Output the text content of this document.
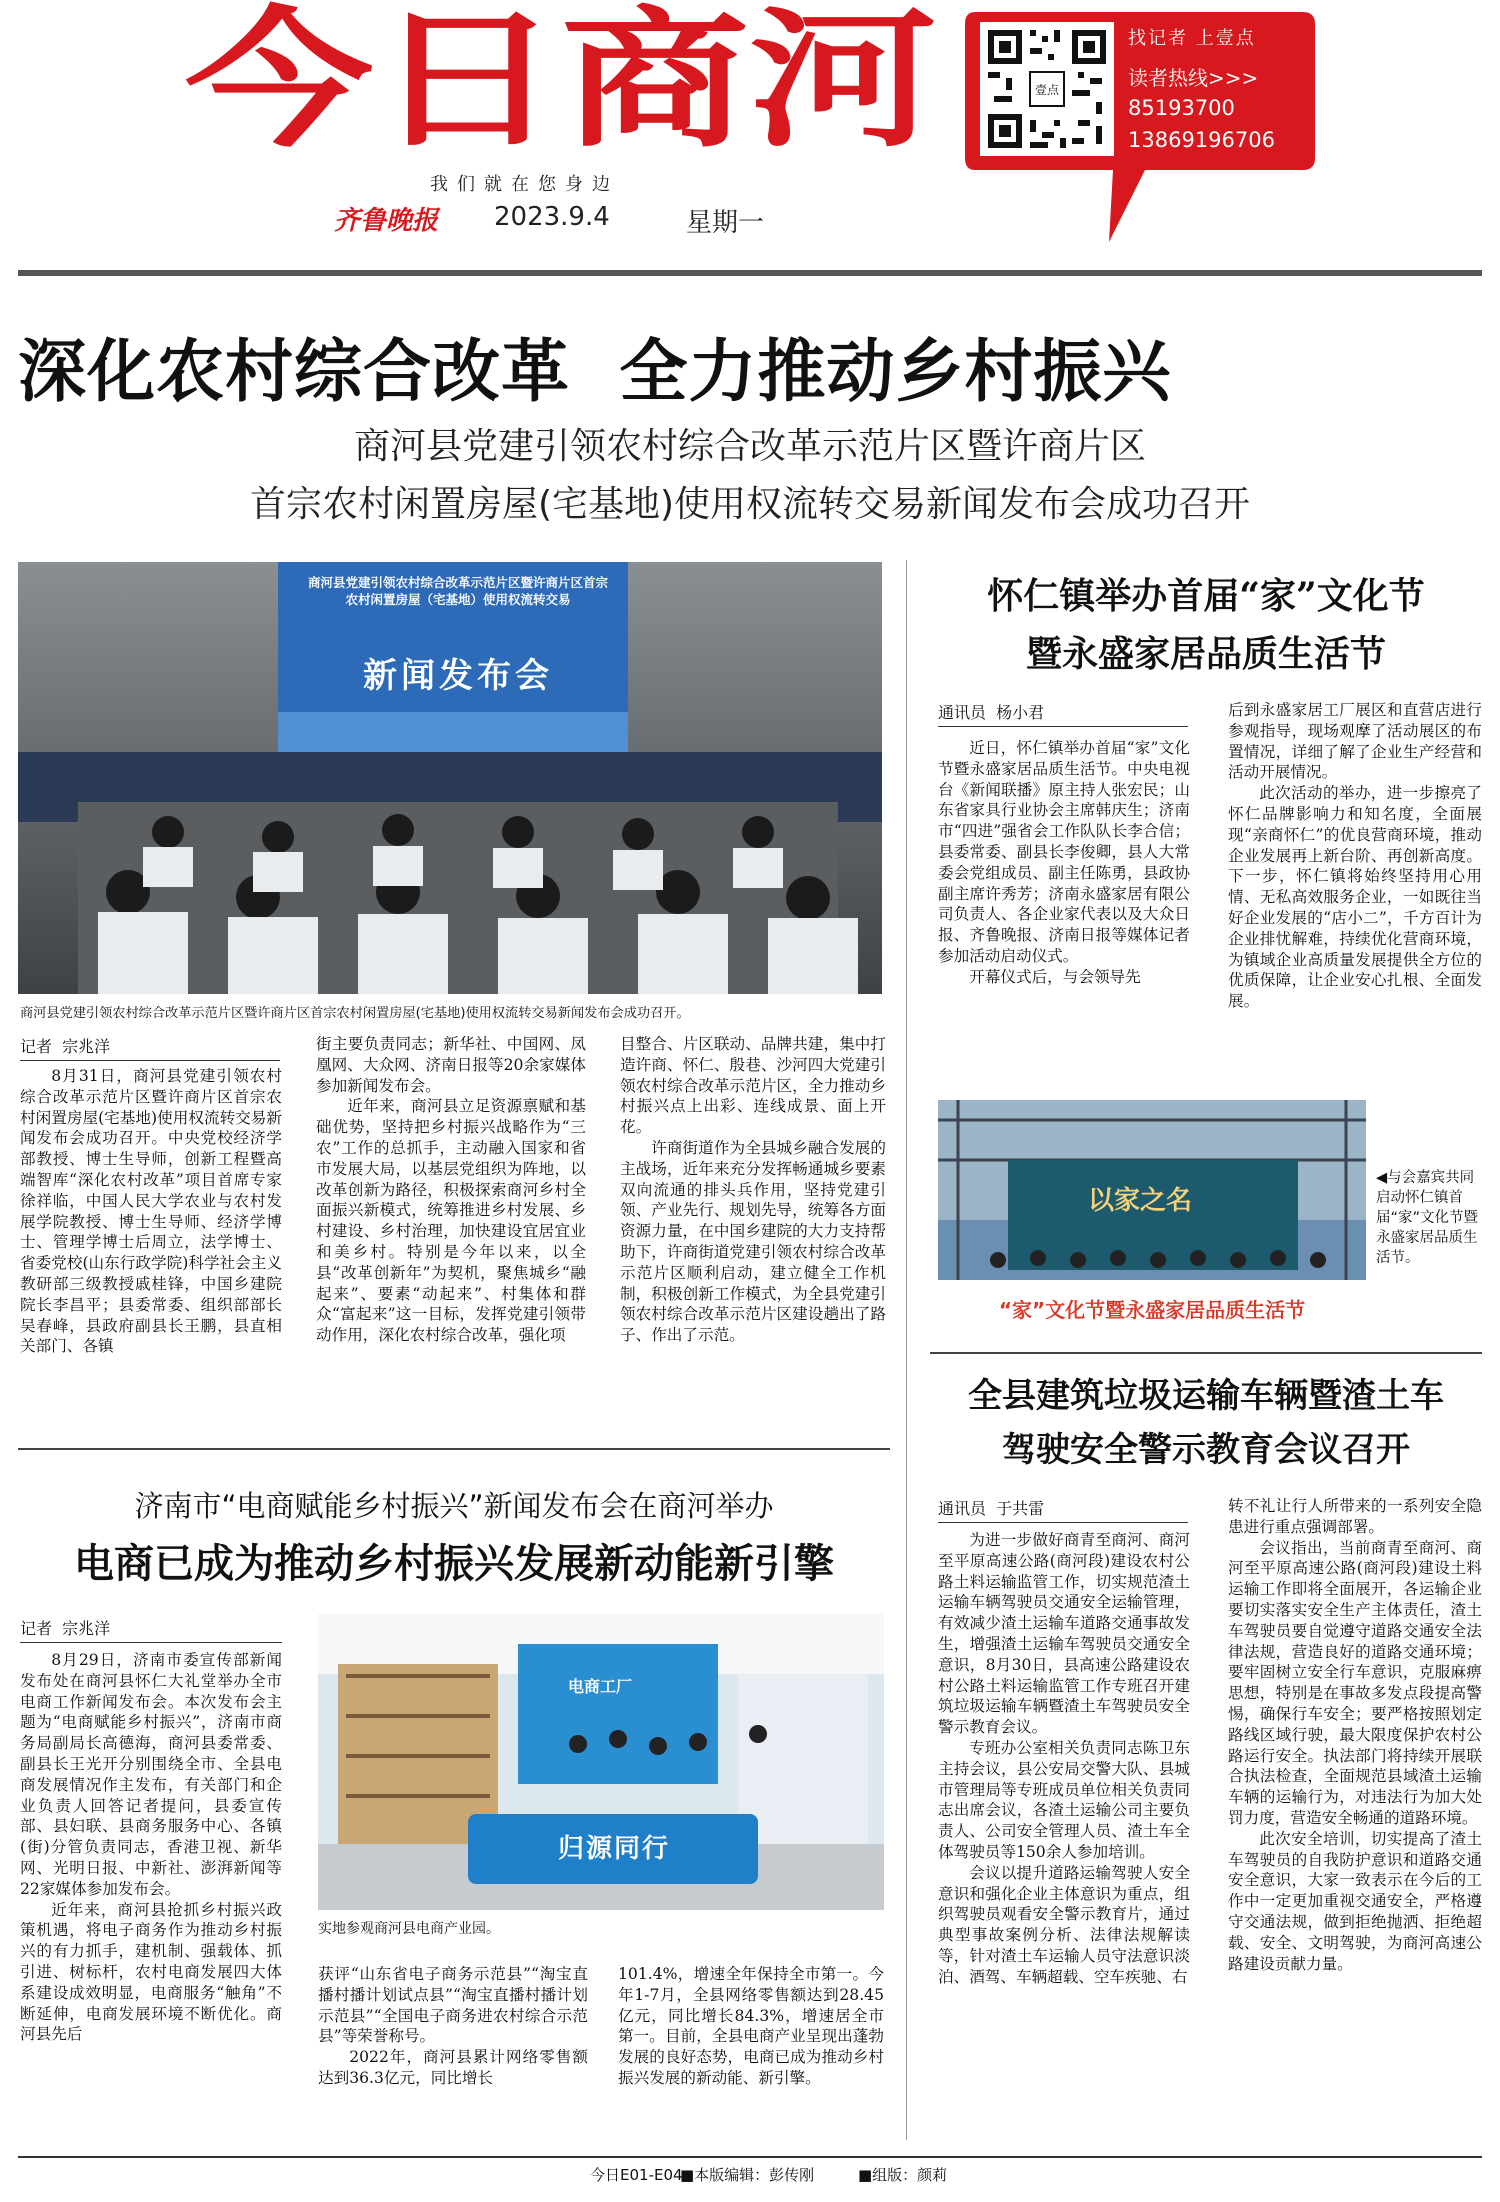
今日商河
我们就在您身边
齐鲁晚报 2023.9.4	星期一
壹点
找记者 上壹点
读者热线>>>
85193700
13869196706
深化农村综合改革  全力推动乡村振兴
商河县党建引领农村综合改革示范片区暨许商片区
首宗农村闲置房屋(宅基地)使用权流转交易新闻发布会成功召开
商河县党建引领农村综合改革示范片区暨许商片区首宗农村闲置房屋（宅基地）使用权流转交易
新闻发布会
商河县党建引领农村综合改革示范片区暨许商片区首宗农村闲置房屋(宅基地)使用权流转交易新闻发布会成功召开。
记者  宗兆洋

8月31日，商河县党建引领农村综合改革示范片区暨许商片区首宗农村闲置房屋(宅基地)使用权流转交易新闻发布会成功召开。中央党校经济学部教授、博士生导师，创新工程暨高端智库“深化农村改革”项目首席专家徐祥临，中国人民大学农业与农村发展学院教授、博士生导师、经济学博士、管理学博士后周立，法学博士、省委党校(山东行政学院)科学社会主义教研部三级教授戚桂锋，中国乡建院院长李昌平；县委常委、组织部部长吴春峰，县政府副县长王鹏，县直相关部门、各镇

街主要负责同志；新华社、中国网、凤凰网、大众网、济南日报等20余家媒体参加新闻发布会。

近年来，商河县立足资源禀赋和基础优势，坚持把乡村振兴战略作为“三农”工作的总抓手，主动融入国家和省市发展大局，以基层党组织为阵地，以改革创新为路径，积极探索商河乡村全面振兴新模式，统筹推进乡村发展、乡村建设、乡村治理，加快建设宜居宜业和美乡村。特别是今年以来，以全县“改革创新年”为契机，聚焦城乡“融起来”、要素“动起来”、村集体和群众“富起来”这一目标，发挥党建引领带动作用，深化农村综合改革，强化项

目整合、片区联动、品牌共建，集中打造许商、怀仁、殷巷、沙河四大党建引领农村综合改革示范片区，全力推动乡村振兴点上出彩、连线成景、面上开花。

许商街道作为全县城乡融合发展的主战场，近年来充分发挥畅通城乡要素双向流通的排头兵作用，坚持党建引领、产业先行、规划先导，统筹各方面资源力量，在中国乡建院的大力支持帮助下，许商街道党建引领农村综合改革示范片区顺利启动，建立健全工作机制，积极创新工作模式，为全县党建引领农村综合改革示范片区建设趟出了路子、作出了示范。

怀仁镇举办首届“家”文化节
暨永盛家居品质生活节
通讯员  杨小君

近日，怀仁镇举办首届“家”文化节暨永盛家居品质生活节。中央电视台《新闻联播》原主持人张宏民；山东省家具行业协会主席韩庆生；济南市“四进”强省会工作队队长李合信；县委常委、副县长李俊卿，县人大常委会党组成员、副主任陈勇，县政协副主席许秀芳；济南永盛家居有限公司负责人、各企业家代表以及大众日报、齐鲁晚报、济南日报等媒体记者参加活动启动仪式。

开幕仪式后，与会领导先

后到永盛家居工厂展区和直营店进行参观指导，现场观摩了活动展区的布置情况，详细了解了企业生产经营和活动开展情况。

此次活动的举办，进一步擦亮了怀仁品牌影响力和知名度，全面展现“亲商怀仁”的优良营商环境，推动企业发展再上新台阶、再创新高度。下一步，怀仁镇将始终坚持用心用情、无私高效服务企业，一如既往当好企业发展的“店小二”，千方百计为企业排忧解难，持续优化营商环境，为镇域企业高质量发展提供全方位的优质保障，让企业安心扎根、全面发展。

以家之名
“家”文化节暨永盛家居品质生活节
◀与会嘉宾共同启动怀仁镇首届“家”文化节暨永盛家居品质生活节。
全县建筑垃圾运输车辆暨渣土车
驾驶安全警示教育会议召开
通讯员  于共雷

为进一步做好商青至商河、商河至平原高速公路(商河段)建设农村公路土料运输监管工作，切实规范渣土运输车辆驾驶员交通安全运输管理，有效减少渣土运输车道路交通事故发生，增强渣土运输车驾驶员交通安全意识，8月30日，县高速公路建设农村公路土料运输监管工作专班召开建筑垃圾运输车辆暨渣土车驾驶员安全警示教育会议。

专班办公室相关负责同志陈卫东主持会议，县公安局交警大队、县城市管理局等专班成员单位相关负责同志出席会议，各渣土运输公司主要负责人、公司安全管理人员、渣土车全体驾驶员等150余人参加培训。

会议以提升道路运输驾驶人安全意识和强化企业主体意识为重点，组织驾驶员观看安全警示教育片，通过典型事故案例分析、法律法规解读等，针对渣土车运输人员守法意识淡泊、酒驾、车辆超载、空车疾驰、右

转不礼让行人所带来的一系列安全隐患进行重点强调部署。

会议指出，当前商青至商河、商河至平原高速公路(商河段)建设土料运输工作即将全面展开，各运输企业要切实落实安全生产主体责任，渣土车驾驶员要自觉遵守道路交通安全法律法规，营造良好的道路交通环境；要牢固树立安全行车意识，克服麻痹思想，特别是在事故多发点段提高警惕，确保行车安全；要严格按照划定路线区域行驶，最大限度保护农村公路运行安全。执法部门将持续开展联合执法检查，全面规范县域渣土运输车辆的运输行为，对违法行为加大处罚力度，营造安全畅通的道路环境。

此次安全培训，切实提高了渣土车驾驶员的自我防护意识和道路交通安全意识，大家一致表示在今后的工作中一定更加重视交通安全，严格遵守交通法规，做到拒绝抛洒、拒绝超载、安全、文明驾驶，为商河高速公路建设贡献力量。

济南市“电商赋能乡村振兴”新闻发布会在商河举办
电商已成为推动乡村振兴发展新动能新引擎
记者  宗兆洋

8月29日，济南市委宣传部新闻发布处在商河县怀仁大礼堂举办全市电商工作新闻发布会。本次发布会主题为“电商赋能乡村振兴”，济南市商务局副局长高德海，商河县委常委、副县长王光开分别围绕全市、全县电商发展情况作主发布，有关部门和企业负责人回答记者提问，县委宣传部、县妇联、县商务服务中心、各镇(街)分管负责同志，香港卫视、新华网、光明日报、中新社、澎湃新闻等22家媒体参加发布会。

近年来，商河县抢抓乡村振兴政策机遇，将电子商务作为推动乡村振兴的有力抓手，建机制、强载体、抓引进、树标杆，农村电商发展四大体系建设成效明显，电商服务“触角”不断延伸，电商发展环境不断优化。商河县先后

电商工厂
归源同行
实地参观商河县电商产业园。

获评“山东省电子商务示范县”“淘宝直播村播计划试点县”“淘宝直播村播计划示范县”“全国电子商务进农村综合示范县”等荣誉称号。

2022年，商河县累计网络零售额达到36.3亿元，同比增长

101.4%，增速全年保持全市第一。今年1-7月，全县网络零售额达到28.45亿元，同比增长84.3%，增速居全市第一。目前，全县电商产业呈现出蓬勃发展的良好态势，电商已成为推动乡村振兴发展的新动能、新引擎。

今日E01-E04
■本版编辑：彭传刚	■组版：颜莉
